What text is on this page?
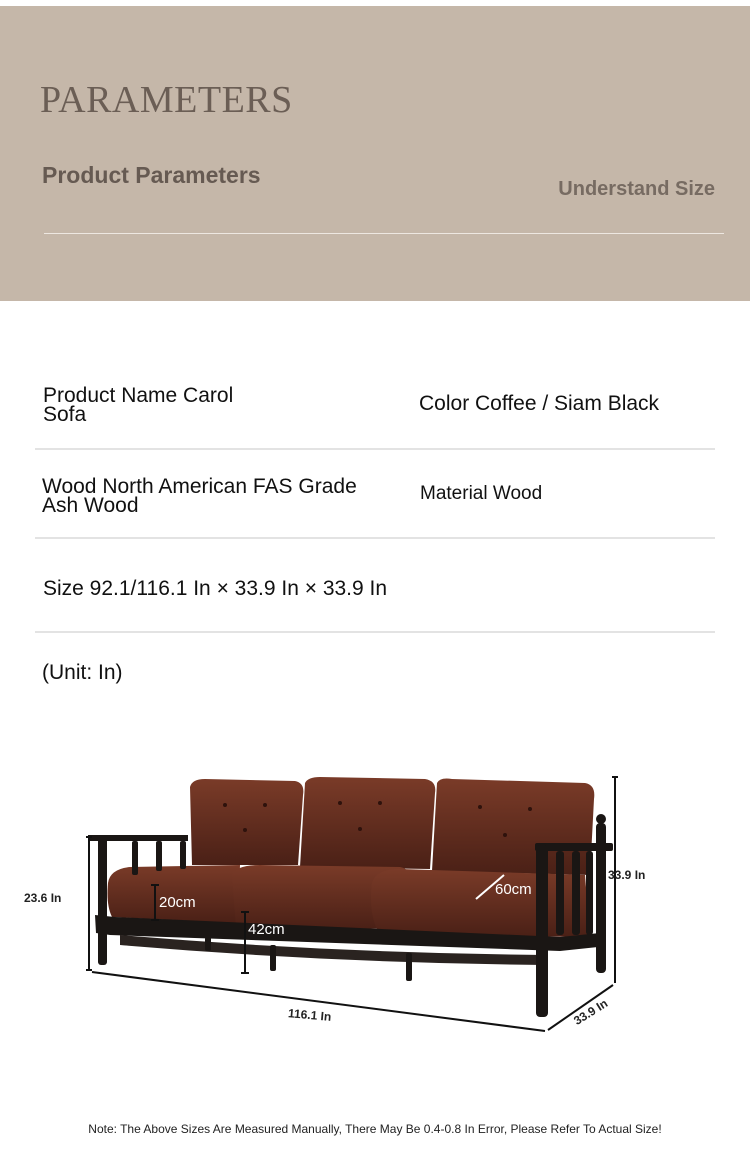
PARAMETERS
Product Parameters
Understand Size
Product Name Carol Sofa	Color Coffee / Siam Black
Wood North American FAS Grade Ash Wood
Material Wood
Size 92.1/116.1 In × 33.9 In × 33.9 In
(Unit: In)
33.9 In
23.6 In
116.1 In	33.9 In
20cm
42cm
60cm
Note: The Above Sizes Are Measured Manually, There May Be 0.4-0.8 In Error, Please Refer To Actual Size!
